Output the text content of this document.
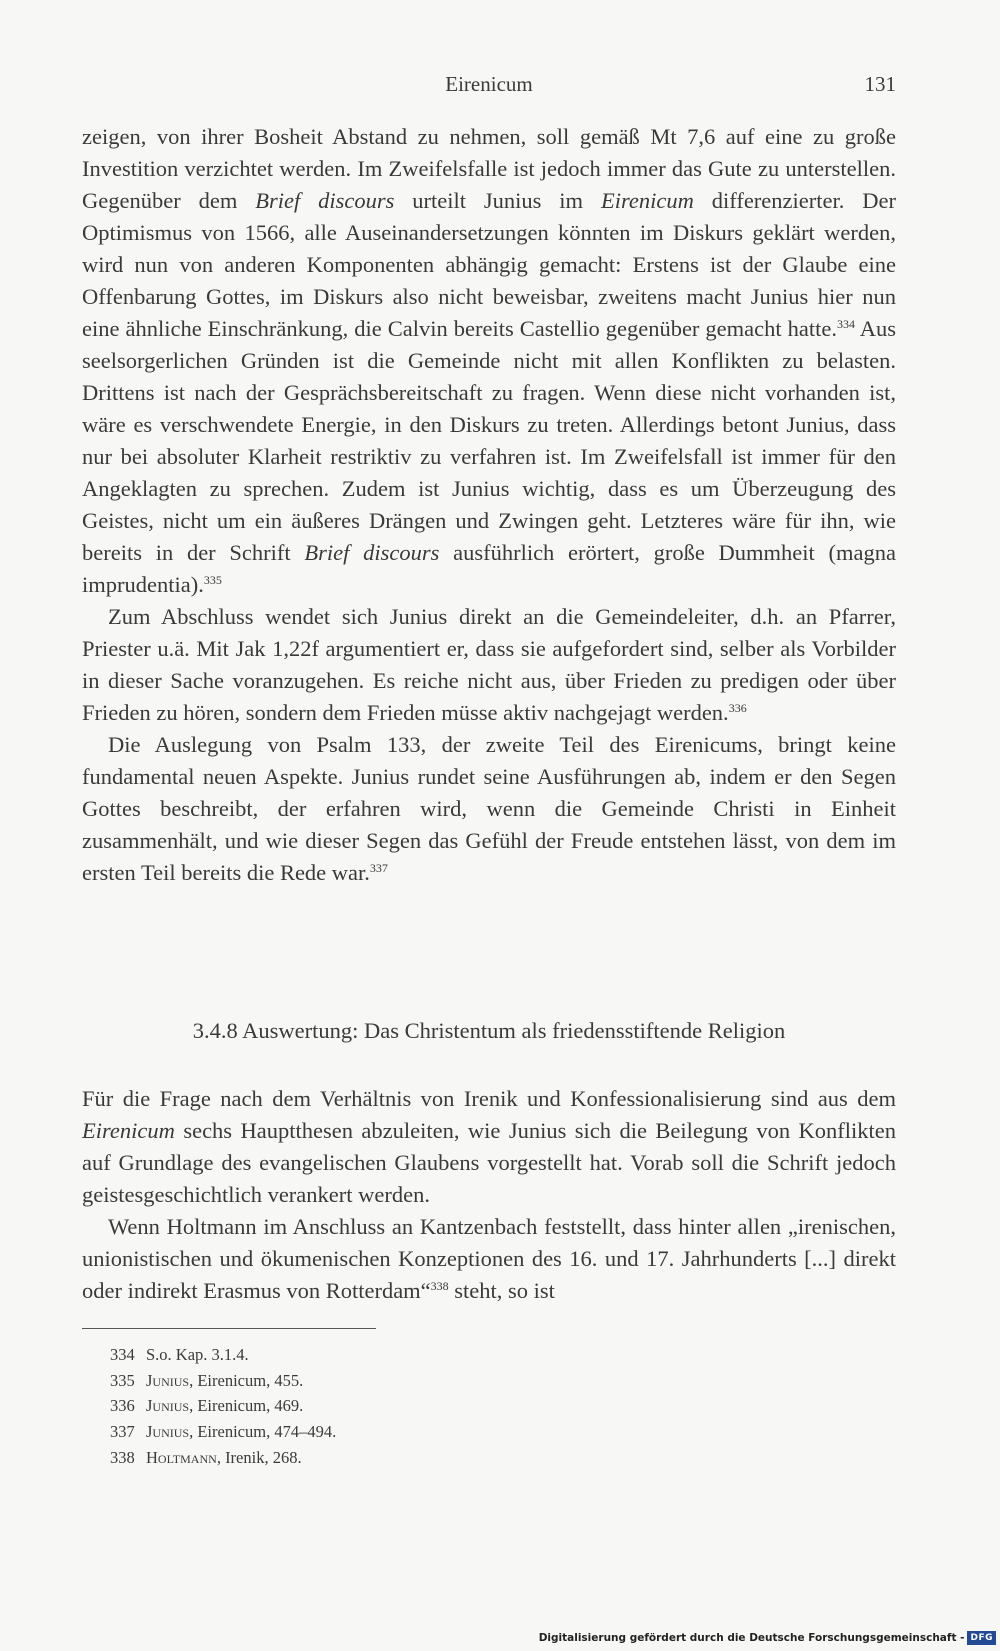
Eirenicum	131

zeigen, von ihrer Bosheit Abstand zu nehmen, soll gemäß Mt 7,6 auf eine zu große Investition verzichtet werden. Im Zweifelsfalle ist jedoch immer das Gute zu unterstellen. Gegenüber dem Brief discours urteilt Junius im Eirenicum differenzierter. Der Optimismus von 1566, alle Auseinandersetzungen könnten im Diskurs geklärt werden, wird nun von anderen Komponenten abhängig gemacht: Erstens ist der Glaube eine Offenbarung Gottes, im Diskurs also nicht beweisbar, zweitens macht Junius hier nun eine ähnliche Einschränkung, die Calvin bereits Castellio gegenüber gemacht hatte.$^{334}$ Aus seelsorgerlichen Gründen ist die Gemeinde nicht mit allen Konflikten zu belasten. Drittens ist nach der Gesprächsbereitschaft zu fragen. Wenn diese nicht vorhanden ist, wäre es verschwendete Energie, in den Diskurs zu treten. Allerdings betont Junius, dass nur bei absoluter Klarheit restriktiv zu verfahren ist. Im Zweifelsfall ist immer für den Angeklagten zu sprechen. Zudem ist Junius wichtig, dass es um Überzeugung des Geistes, nicht um ein äußeres Drängen und Zwingen geht. Letzteres wäre für ihn, wie bereits in der Schrift Brief discours ausführlich erörtert, große Dummheit (magna imprudentia).$^{335}$

Zum Abschluss wendet sich Junius direkt an die Gemeindeleiter, d.h. an Pfarrer, Priester u.ä. Mit Jak 1,22f argumentiert er, dass sie aufgefordert sind, selber als Vorbilder in dieser Sache voranzugehen. Es reiche nicht aus, über Frieden zu predigen oder über Frieden zu hören, sondern dem Frieden müsse aktiv nachgejagt werden.$^{336}$

Die Auslegung von Psalm 133, der zweite Teil des Eirenicums, bringt keine fundamental neuen Aspekte. Junius rundet seine Ausführungen ab, indem er den Segen Gottes beschreibt, der erfahren wird, wenn die Gemeinde Christi in Einheit zusammenhält, und wie dieser Segen das Gefühl der Freude entstehen lässt, von dem im ersten Teil bereits die Rede war.$^{337}$

3.4.8 Auswertung: Das Christentum als friedensstiftende Religion

Für die Frage nach dem Verhältnis von Irenik und Konfessionalisierung sind aus dem Eirenicum sechs Hauptthesen abzuleiten, wie Junius sich die Beilegung von Konflikten auf Grundlage des evangelischen Glaubens vorgestellt hat. Vorab soll die Schrift jedoch geistesgeschichtlich verankert werden.

Wenn Holtmann im Anschluss an Kantzenbach feststellt, dass hinter allen „irenischen, unionistischen und ökumenischen Konzeptionen des 16. und 17. Jahrhunderts [...] direkt oder indirekt Erasmus von Rotterdam“$^{338}$ steht, so ist

334 S.o. Kap. 3.1.4.
335 Junius, Eirenicum, 455.
336 Junius, Eirenicum, 469.
337 Junius, Eirenicum, 474–494.
338 Holtmann, Irenik, 268.
Digitalisierung gefördert durch die Deutsche Forschungsgemeinschaft - DFG
